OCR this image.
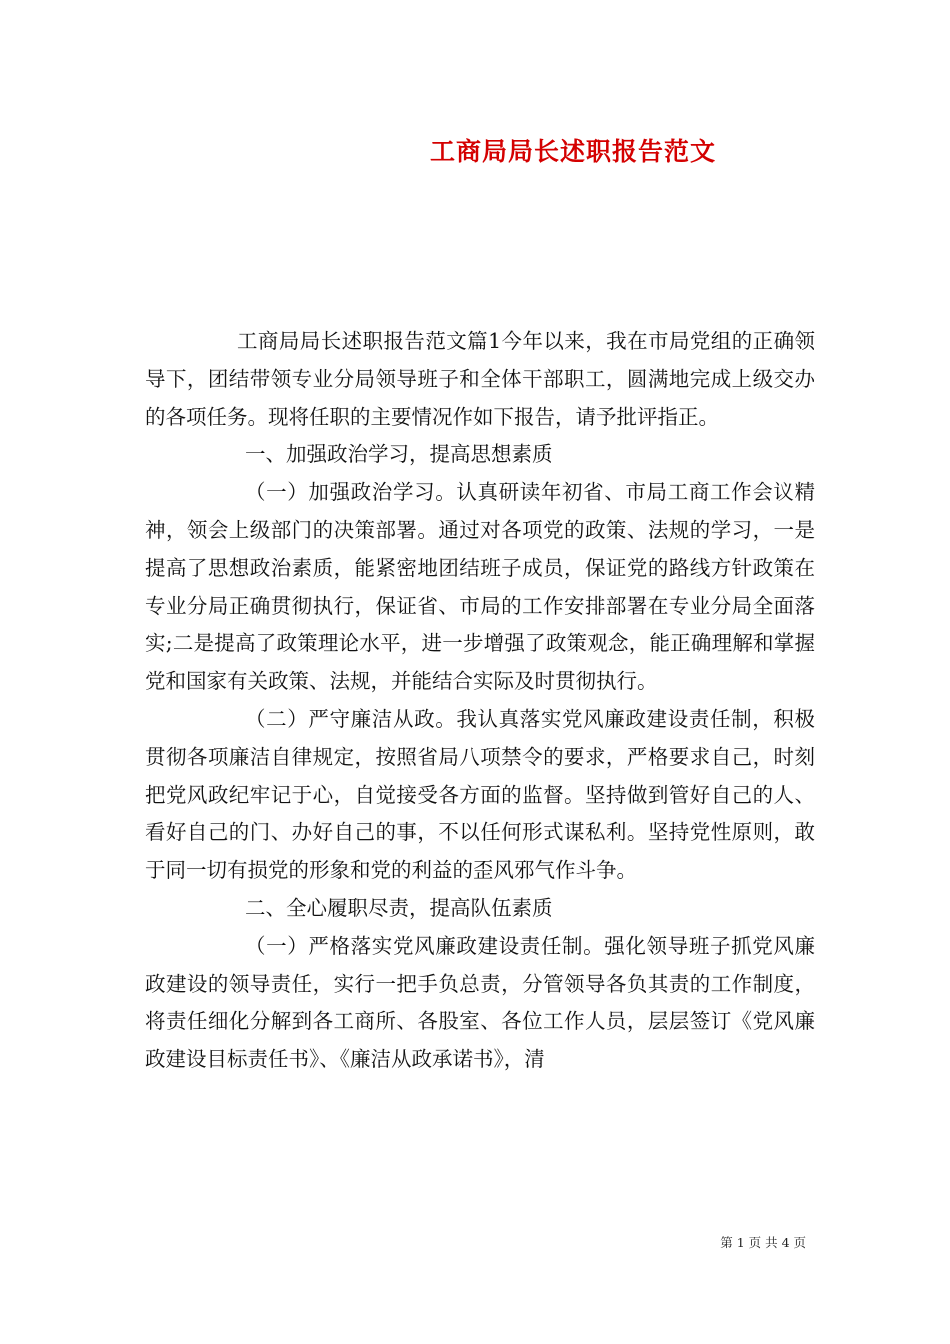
工商局局长述职报告范文

工商局局长述职报告范文篇1今年以来，我在市局党组的正确领导下，团结带领专业分局领导班子和全体干部职工，圆满地完成上级交办的各项任务。现将任职的主要情况作如下报告，请予批评指正。

一、加强政治学习，提高思想素质

（一）加强政治学习。认真研读年初省、市局工商工作会议精神，领会上级部门的决策部署。通过对各项党的政策、法规的学习，一是提高了思想政治素质，能紧密地团结班子成员，保证党的路线方针政策在专业分局正确贯彻执行，保证省、市局的工作安排部署在专业分局全面落实;二是提高了政策理论水平，进一步增强了政策观念，能正确理解和掌握党和国家有关政策、法规，并能结合实际及时贯彻执行。

（二）严守廉洁从政。我认真落实党风廉政建设责任制，积极贯彻各项廉洁自律规定，按照省局八项禁令的要求，严格要求自己，时刻把党风政纪牢记于心，自觉接受各方面的监督。坚持做到管好自己的人、看好自己的门、办好自己的事，不以任何形式谋私利。坚持党性原则，敢于同一切有损党的形象和党的利益的歪风邪气作斗争。

二、全心履职尽责，提高队伍素质

（一）严格落实党风廉政建设责任制。强化领导班子抓党风廉政建设的领导责任，实行一把手负总责，分管领导各负其责的工作制度，将责任细化分解到各工商所、各股室、各位工作人员，层层签订《党风廉政建设目标责任书》、《廉洁从政承诺书》，清

第 1 页 共 4 页
